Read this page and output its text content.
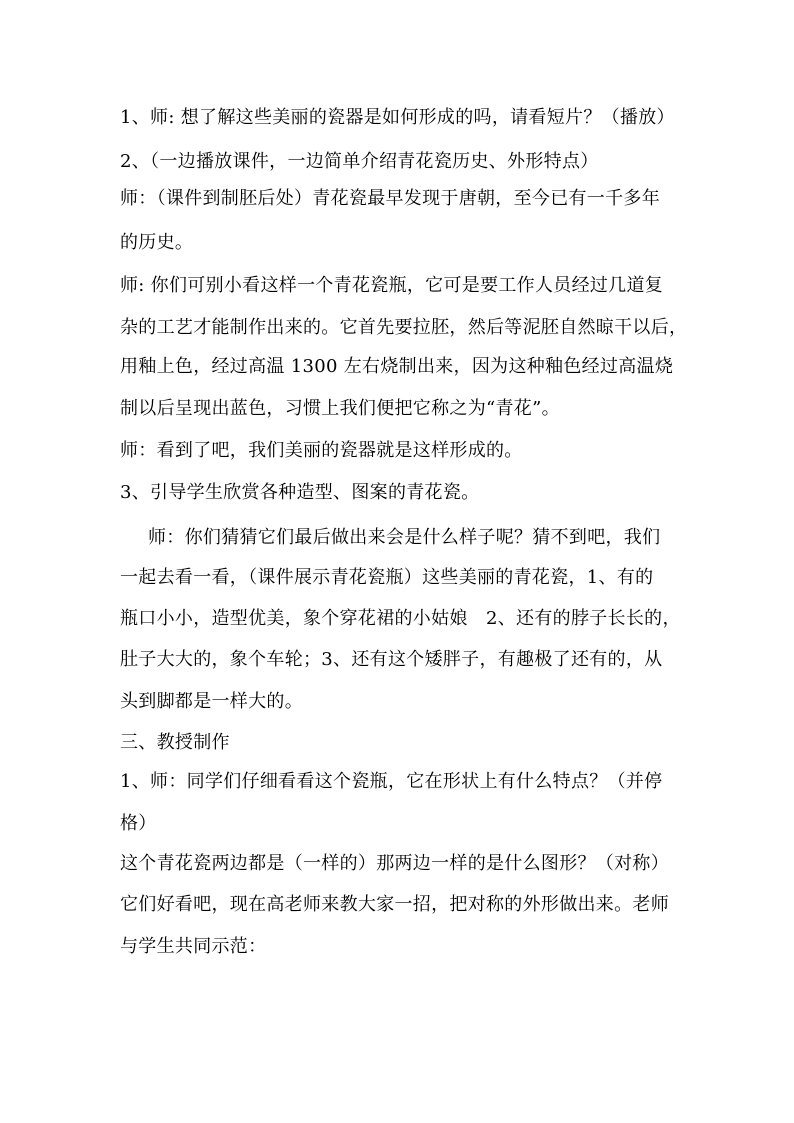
1、师: 想了解这些美丽的瓷器是如何形成的吗，请看短片？（播放）

2、（一边播放课件，一边简单介绍青花瓷历史、外形特点）

师：（课件到制胚后处）青花瓷最早发现于唐朝，至今已有一千多年

的历史。

师: 你们可别小看这样一个青花瓷瓶，它可是要工作人员经过几道复

杂的工艺才能制作出来的。它首先要拉胚，然后等泥胚自然晾干以后，

用釉上色，经过高温 1300 左右烧制出来，因为这种釉色经过高温烧

制以后呈现出蓝色，习惯上我们便把它称之为“青花”。

师：看到了吧，我们美丽的瓷器就是这样形成的。

3、引导学生欣赏各种造型、图案的青花瓷。

师：你们猜猜它们最后做出来会是什么样子呢？猜不到吧，我们

一起去看一看，（课件展示青花瓷瓶）这些美丽的青花瓷，1、有的

瓶口小小，造型优美，象个穿花裙的小姑娘　2、还有的脖子长长的，

肚子大大的，象个车轮；3、还有这个矮胖子，有趣极了还有的，从

头到脚都是一样大的。

三、教授制作

1、师：同学们仔细看看这个瓷瓶，它在形状上有什么特点？（并停

格）

这个青花瓷两边都是（一样的）那两边一样的是什么图形？（对称）

它们好看吧，现在高老师来教大家一招，把对称的外形做出来。老师

与学生共同示范：
